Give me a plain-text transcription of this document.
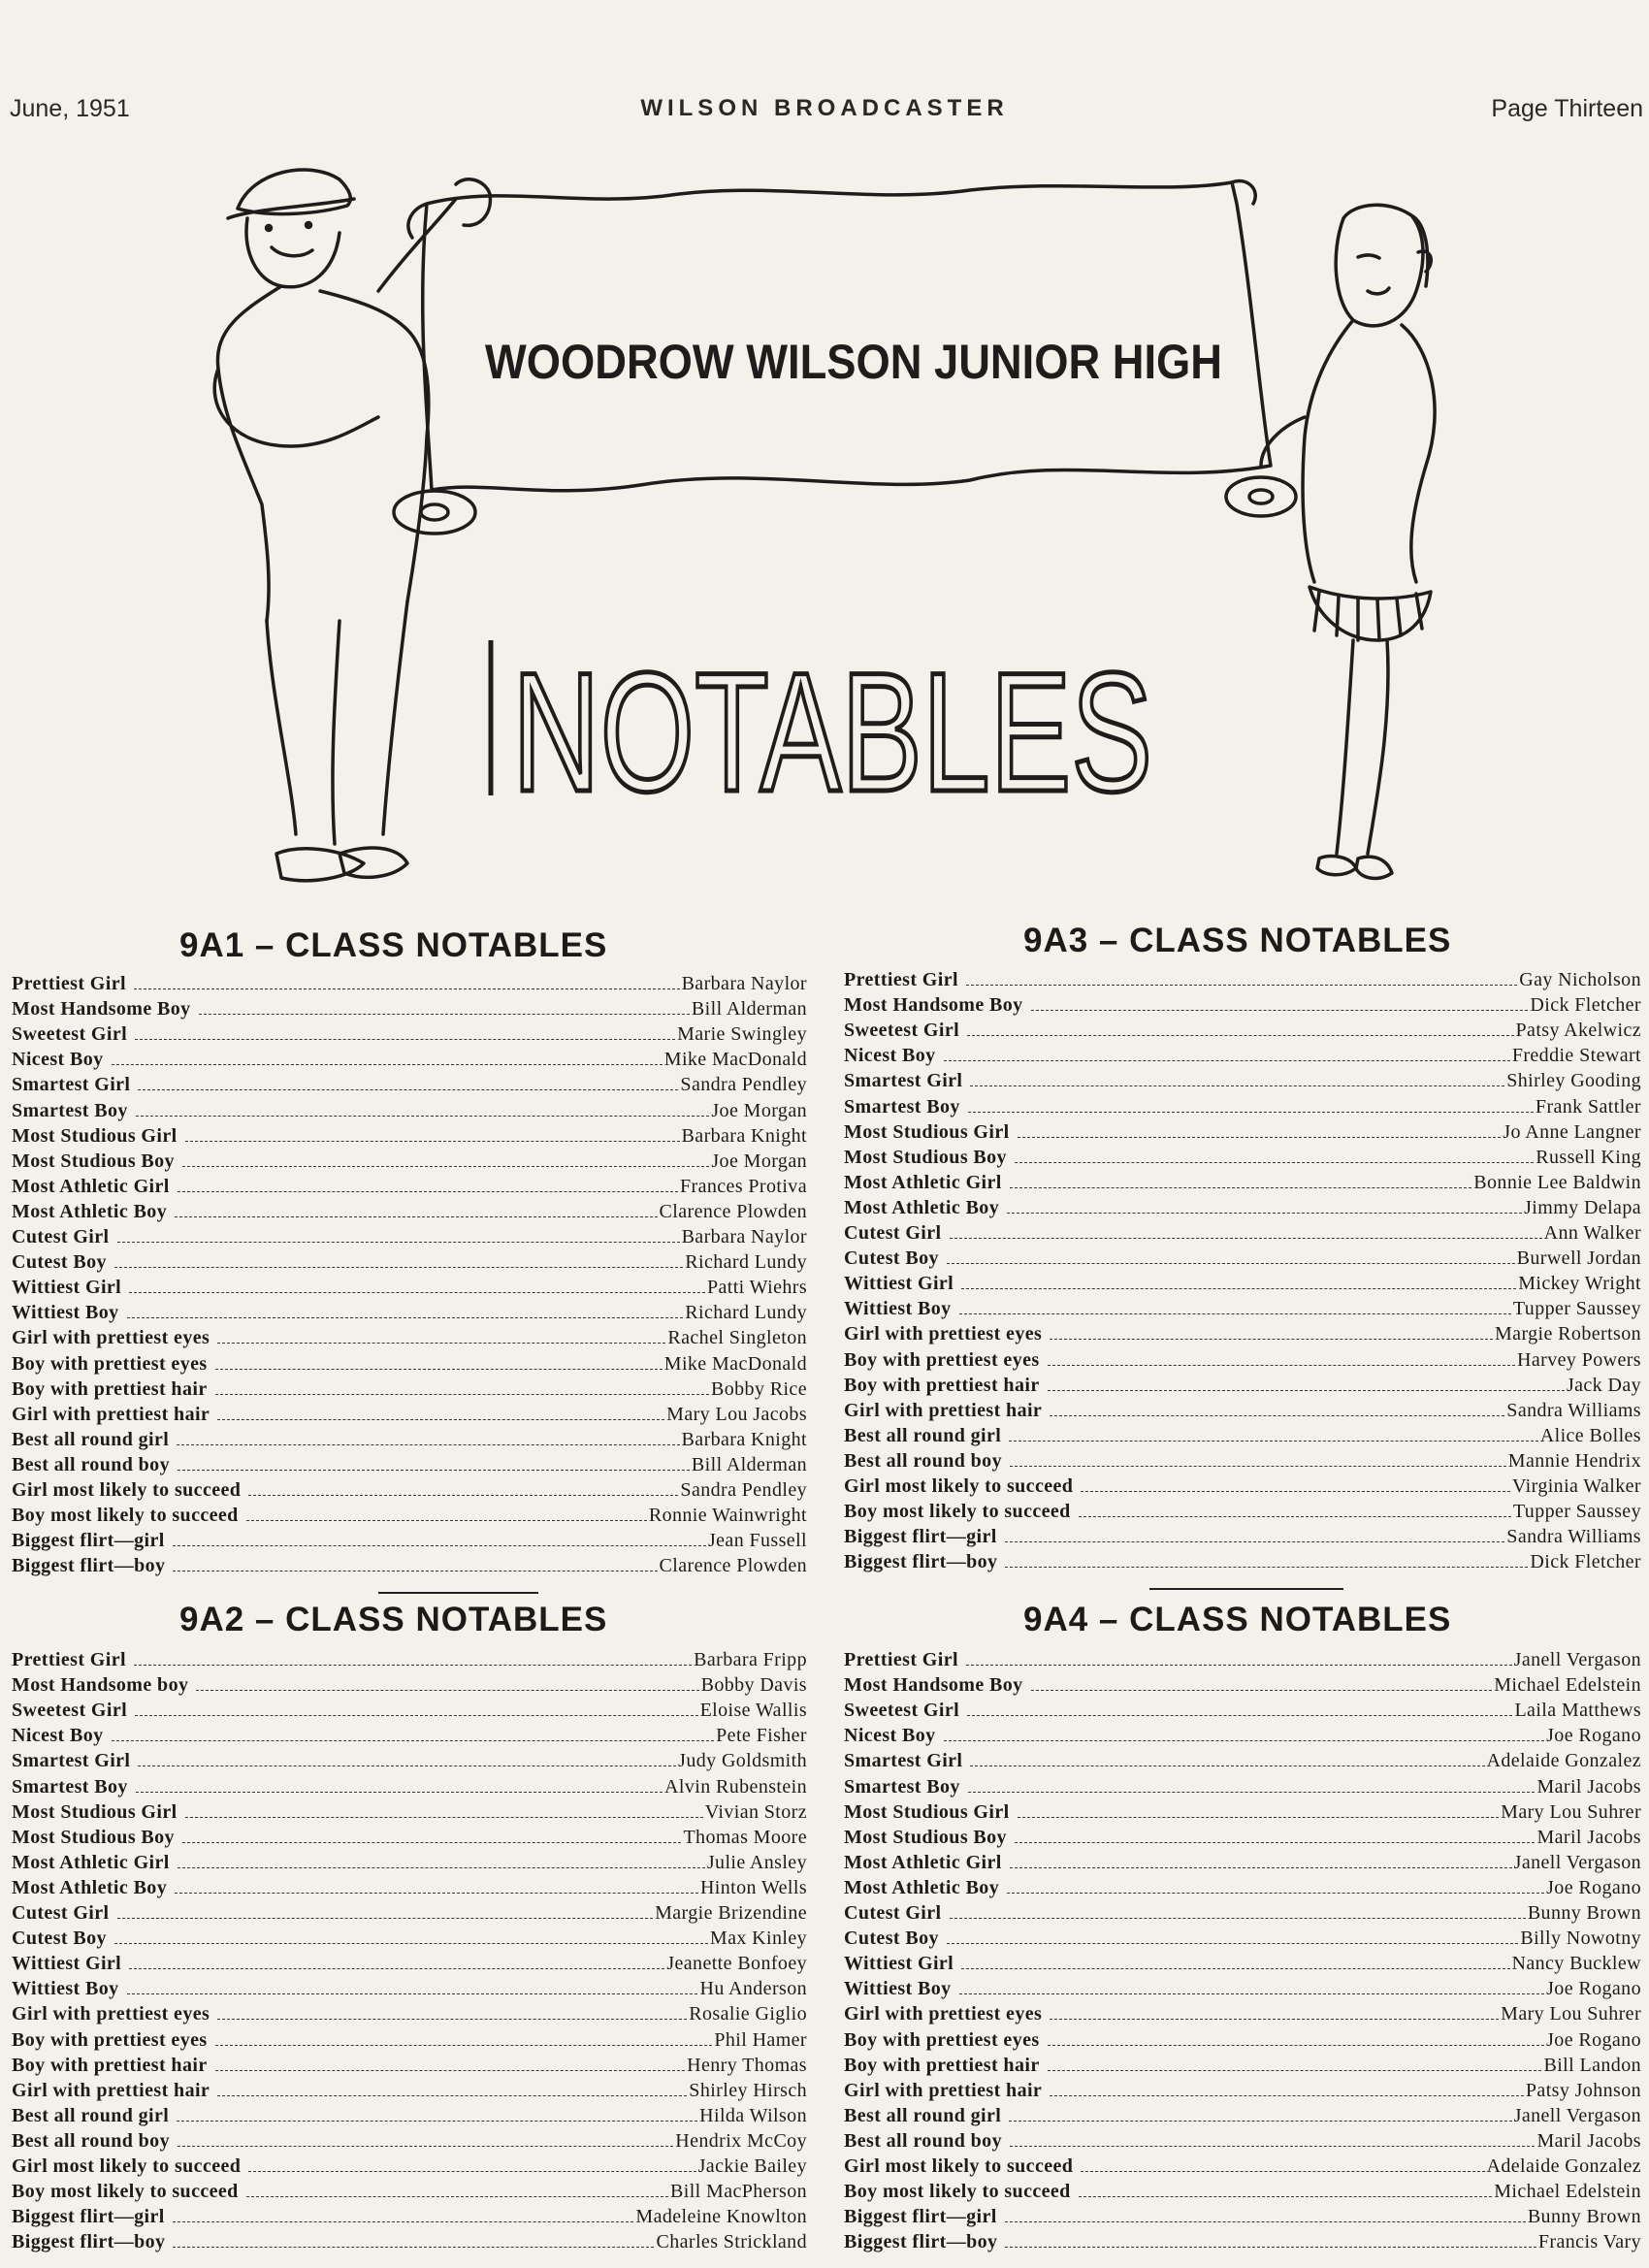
June, 1951	WILSON BROADCASTER	Page Thirteen
WOODROW WILSON JUNIOR HIGH
NOTABLES
9A1 – CLASS NOTABLES	9A3 – CLASS NOTABLES
9A2 – CLASS NOTABLES	9A4 – CLASS NOTABLES
Prettiest Girl	Barbara Naylor
Most Handsome Boy	Bill Alderman
Sweetest Girl	Marie Swingley
Nicest Boy	Mike MacDonald
Smartest Girl	Sandra Pendley
Smartest Boy	Joe Morgan
Most Studious Girl	Barbara Knight
Most Studious Boy	Joe Morgan
Most Athletic Girl	Frances Protiva
Most Athletic Boy	Clarence Plowden
Cutest Girl	Barbara Naylor
Cutest Boy	Richard Lundy
Wittiest Girl	Patti Wiehrs
Wittiest Boy	Richard Lundy
Girl with prettiest eyes	Rachel Singleton
Boy with prettiest eyes	Mike MacDonald
Boy with prettiest hair	Bobby Rice
Girl with prettiest hair	Mary Lou Jacobs
Best all round girl	Barbara Knight
Best all round boy	Bill Alderman
Girl most likely to succeed	Sandra Pendley
Boy most likely to succeed	Ronnie Wainwright
Biggest flirt—girl	Jean Fussell
Biggest flirt—boy	Clarence Plowden
Prettiest Girl	Gay Nicholson
Most Handsome Boy	Dick Fletcher
Sweetest Girl	Patsy Akelwicz
Nicest Boy	Freddie Stewart
Smartest Girl	Shirley Gooding
Smartest Boy	Frank Sattler
Most Studious Girl	Jo Anne Langner
Most Studious Boy	Russell King
Most Athletic Girl	Bonnie Lee Baldwin
Most Athletic Boy	Jimmy Delapa
Cutest Girl	Ann Walker
Cutest Boy	Burwell Jordan
Wittiest Girl	Mickey Wright
Wittiest Boy	Tupper Saussey
Girl with prettiest eyes	Margie Robertson
Boy with prettiest eyes	Harvey Powers
Boy with prettiest hair	Jack Day
Girl with prettiest hair	Sandra Williams
Best all round girl	Alice Bolles
Best all round boy	Mannie Hendrix
Girl most likely to succeed	Virginia Walker
Boy most likely to succeed	Tupper Saussey
Biggest flirt—girl	Sandra Williams
Biggest flirt—boy	Dick Fletcher
Prettiest Girl	Barbara Fripp
Most Handsome boy	Bobby Davis
Sweetest Girl	Eloise Wallis
Nicest Boy	Pete Fisher
Smartest Girl	Judy Goldsmith
Smartest Boy	Alvin Rubenstein
Most Studious Girl	Vivian Storz
Most Studious Boy	Thomas Moore
Most Athletic Girl	Julie Ansley
Most Athletic Boy	Hinton Wells
Cutest Girl	Margie Brizendine
Cutest Boy	Max Kinley
Wittiest Girl	Jeanette Bonfoey
Wittiest Boy	Hu Anderson
Girl with prettiest eyes	Rosalie Giglio
Boy with prettiest eyes	Phil Hamer
Boy with prettiest hair	Henry Thomas
Girl with prettiest hair	Shirley Hirsch
Best all round girl	Hilda Wilson
Best all round boy	Hendrix McCoy
Girl most likely to succeed	Jackie Bailey
Boy most likely to succeed	Bill MacPherson
Biggest flirt—girl	Madeleine Knowlton
Biggest flirt—boy	Charles Strickland
Prettiest Girl	Janell Vergason
Most Handsome Boy	Michael Edelstein
Sweetest Girl	Laila Matthews
Nicest Boy	Joe Rogano
Smartest Girl	Adelaide Gonzalez
Smartest Boy	Maril Jacobs
Most Studious Girl	Mary Lou Suhrer
Most Studious Boy	Maril Jacobs
Most Athletic Girl	Janell Vergason
Most Athletic Boy	Joe Rogano
Cutest Girl	Bunny Brown
Cutest Boy	Billy Nowotny
Wittiest Girl	Nancy Bucklew
Wittiest Boy	Joe Rogano
Girl with prettiest eyes	Mary Lou Suhrer
Boy with prettiest eyes	Joe Rogano
Boy with prettiest hair	Bill Landon
Girl with prettiest hair	Patsy Johnson
Best all round girl	Janell Vergason
Best all round boy	Maril Jacobs
Girl most likely to succeed	Adelaide Gonzalez
Boy most likely to succeed	Michael Edelstein
Biggest flirt—girl	Bunny Brown
Biggest flirt—boy	Francis Vary
